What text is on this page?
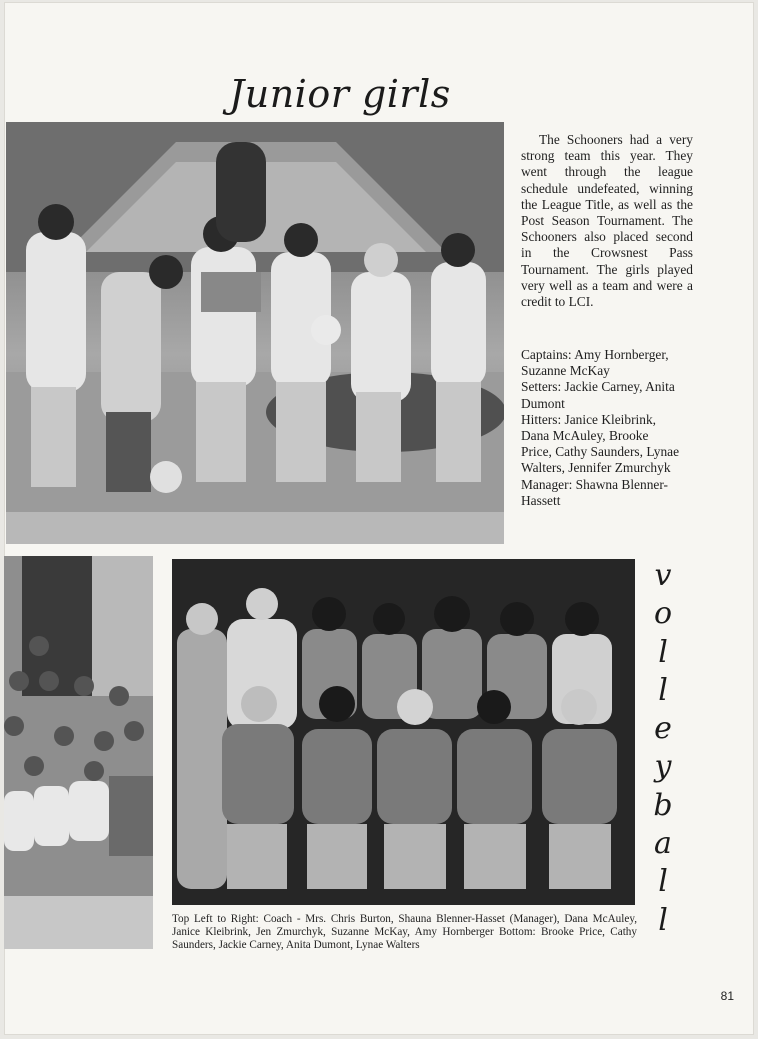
Junior girls

The Schooners had a very strong team this year. They went through the league schedule undefeated, winning the League Title, as well as the Post Season Tournament. The Schooners also placed second in the Crowsnest Pass Tournament. The girls played very well as a team and were a credit to LCI.

Captains: Amy Hornberger,
Suzanne McKay
Setters: Jackie Carney, Anita
Dumont
Hitters: Janice Kleibrink,
Dana McAuley, Brooke
Price, Cathy Saunders, Lynae
Walters, Jennifer Zmurchyk
Manager: Shawna Blenner-
Hassett
v
o
l
l
e
y
b
a
l
l

Top Left to Right: Coach - Mrs. Chris Burton, Shauna Blenner-Hasset (Manager), Dana McAuley, Janice Kleibrink, Jen Zmurchyk, Suzanne McKay, Amy Hornberger Bottom: Brooke Price, Cathy Saunders, Jackie Carney, Anita Dumont, Lynae Walters

81
